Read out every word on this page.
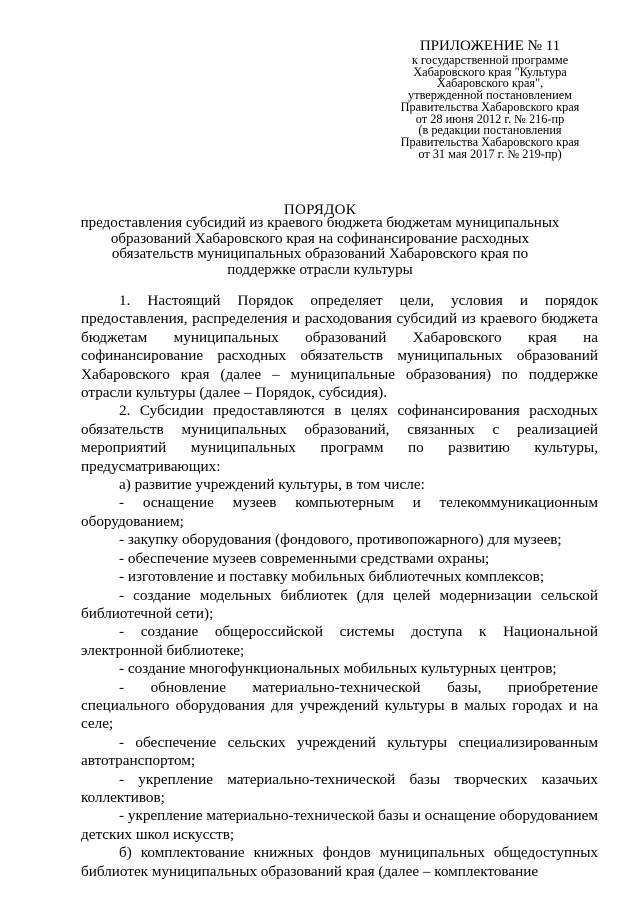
ПРИЛОЖЕНИЕ № 11
к государственной программе
Хабаровского края "Культура
Хабаровского края",
утвержденной постановлением
Правительства Хабаровского края
от 28 июня 2012 г. № 216-пр
(в редакции постановления
Правительства Хабаровского края
от 31 мая 2017 г. № 219-пр)
ПОРЯДОК
предоставления субсидий из краевого бюджета бюджетам муниципальных образований Хабаровского края на софинансирование расходных обязательств муниципальных образований Хабаровского края по поддержке отрасли культуры

1. Настоящий Порядок определяет цели, условия и порядок предоставления, распределения и расходования субсидий из краевого бюджета бюджетам муниципальных образований Хабаровского края на софинансирование расходных обязательств муниципальных образований Хабаровского края (далее – муниципальные образования) по поддержке отрасли культуры (далее – Порядок, субсидия).

2. Субсидии предоставляются в целях софинансирования расходных обязательств муниципальных образований, связанных с реализацией мероприятий муниципальных программ по развитию культуры, предусматривающих:

а) развитие учреждений культуры, в том числе:

- оснащение музеев компьютерным и телекоммуникационным оборудованием;

- закупку оборудования (фондового, противопожарного) для музеев;

- обеспечение музеев современными средствами охраны;

- изготовление и поставку мобильных библиотечных комплексов;

- создание модельных библиотек (для целей модернизации сельской библиотечной сети);

- создание общероссийской системы доступа к Национальной электронной библиотеке;

- создание многофункциональных мобильных культурных центров;

- обновление материально-технической базы, приобретение специального оборудования для учреждений культуры в малых городах и на селе;

- обеспечение сельских учреждений культуры специализированным автотранспортом;

- укрепление материально-технической базы творческих казачьих коллективов;

- укрепление материально-технической базы и оснащение оборудованием детских школ искусств;

б) комплектование книжных фондов муниципальных общедоступных библиотек муниципальных образований края (далее – комплектование
